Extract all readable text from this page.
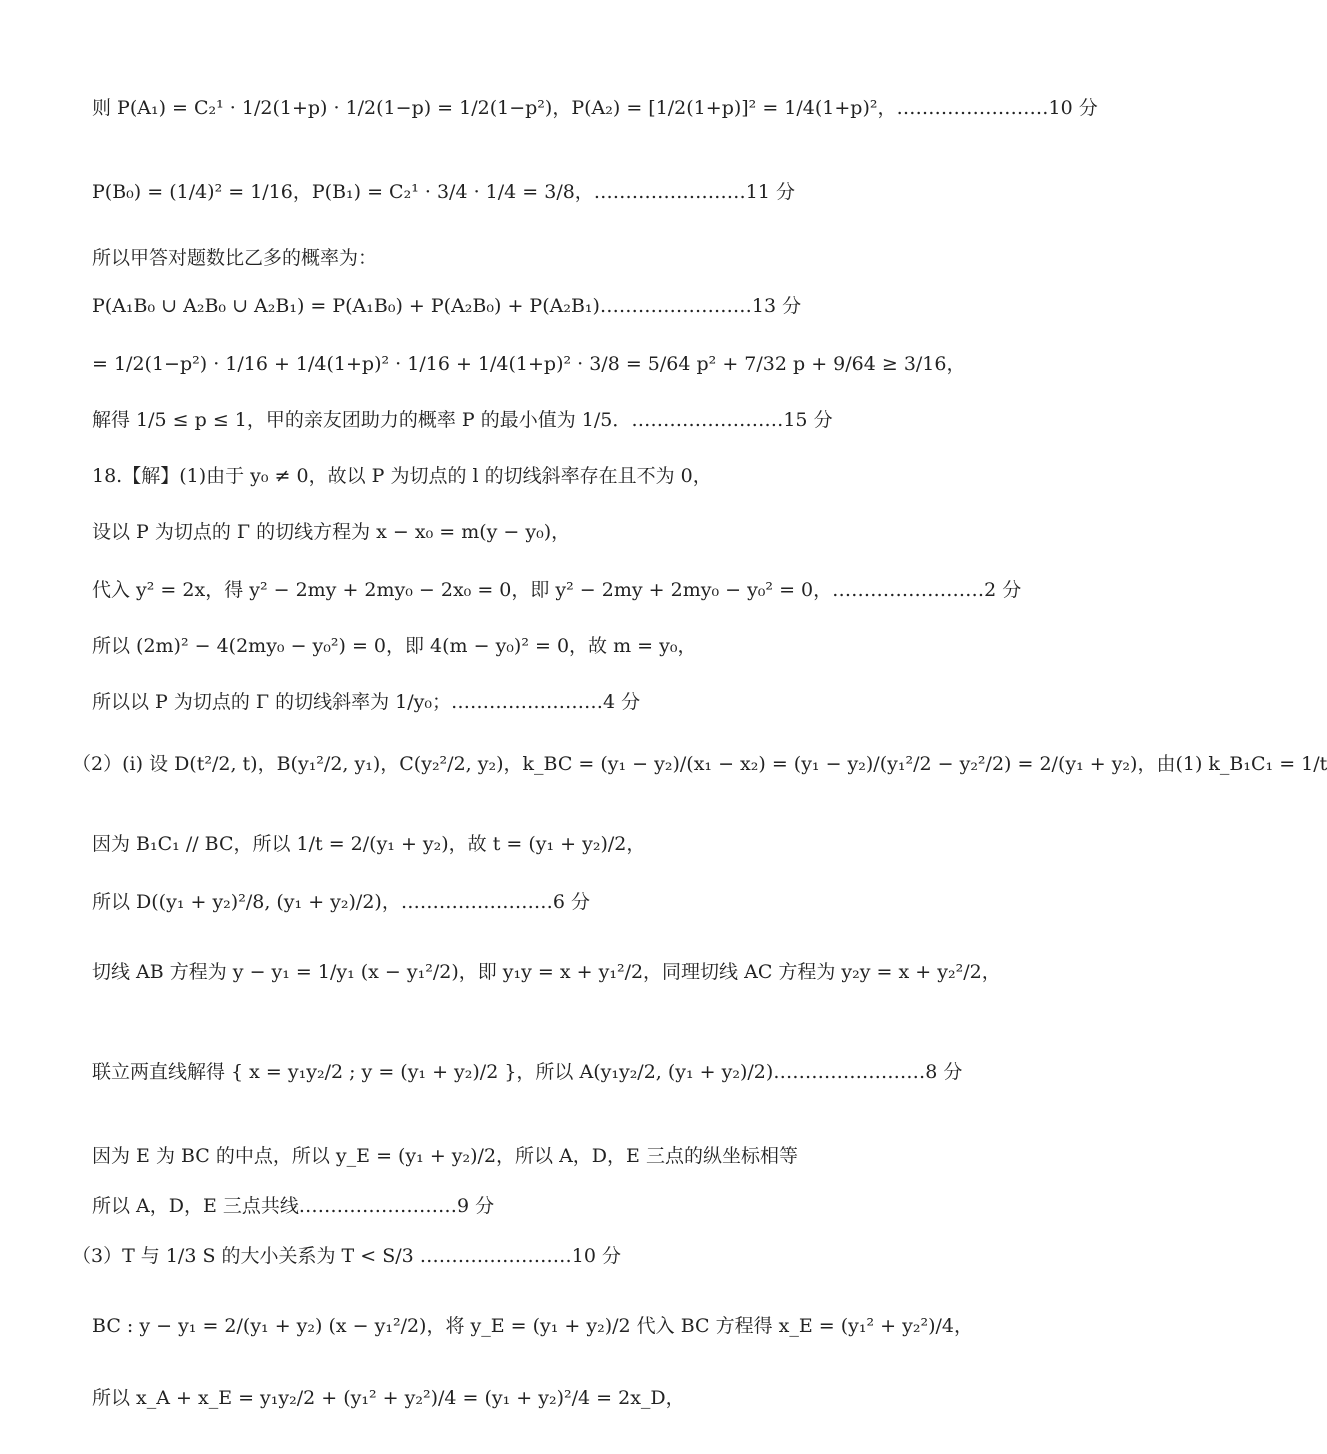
则 P(A₁) = C₂¹ · 1/2(1+p) · 1/2(1−p) = 1/2(1−p²)，P(A₂) = [1/2(1+p)]² = 1/4(1+p)²，……………………10 分
P(B₀) = (1/4)² = 1/16，P(B₁) = C₂¹ · 3/4 · 1/4 = 3/8，……………………11 分
所以甲答对题数比乙多的概率为：
P(A₁B₀ ∪ A₂B₀ ∪ A₂B₁) = P(A₁B₀) + P(A₂B₀) + P(A₂B₁)……………………13 分
= 1/2(1−p²) · 1/16 + 1/4(1+p)² · 1/16 + 1/4(1+p)² · 3/8 = 5/64 p² + 7/32 p + 9/64 ≥ 3/16，
解得 1/5 ≤ p ≤ 1，甲的亲友团助力的概率 P 的最小值为 1/5．……………………15 分
18.【解】(1)由于 y₀ ≠ 0，故以 P 为切点的 l 的切线斜率存在且不为 0，
设以 P 为切点的 Γ 的切线方程为 x − x₀ = m(y − y₀)，
代入 y² = 2x，得 y² − 2my + 2my₀ − 2x₀ = 0，即 y² − 2my + 2my₀ − y₀² = 0，……………………2 分
所以 (2m)² − 4(2my₀ − y₀²) = 0，即 4(m − y₀)² = 0，故 m = y₀，
所以以 P 为切点的 Γ 的切线斜率为 1/y₀；……………………4 分
（2）(i) 设 D(t²/2, t)，B(y₁²/2, y₁)，C(y₂²/2, y₂)，k_BC = (y₁ − y₂)/(x₁ − x₂) = (y₁ − y₂)/(y₁²/2 − y₂²/2) = 2/(y₁ + y₂)，由(1) k_B₁C₁ = 1/t
因为 B₁C₁ // BC，所以 1/t = 2/(y₁ + y₂)，故 t = (y₁ + y₂)/2，
所以 D((y₁ + y₂)²/8, (y₁ + y₂)/2)，……………………6 分
切线 AB 方程为 y − y₁ = 1/y₁ (x − y₁²/2)，即 y₁y = x + y₁²/2，同理切线 AC 方程为 y₂y = x + y₂²/2，
联立两直线解得 { x = y₁y₂/2 ; y = (y₁ + y₂)/2 }，所以 A(y₁y₂/2, (y₁ + y₂)/2)……………………8 分
因为 E 为 BC 的中点，所以 y_E = (y₁ + y₂)/2，所以 A，D，E 三点的纵坐标相等
所以 A，D，E 三点共线.……………………9 分
（3）T 与 1/3 S 的大小关系为 T < S/3 ……………………10 分
BC : y − y₁ = 2/(y₁ + y₂) (x − y₁²/2)，将 y_E = (y₁ + y₂)/2 代入 BC 方程得 x_E = (y₁² + y₂²)/4，
所以 x_A + x_E = y₁y₂/2 + (y₁² + y₂²)/4 = (y₁ + y₂)²/4 = 2x_D，
